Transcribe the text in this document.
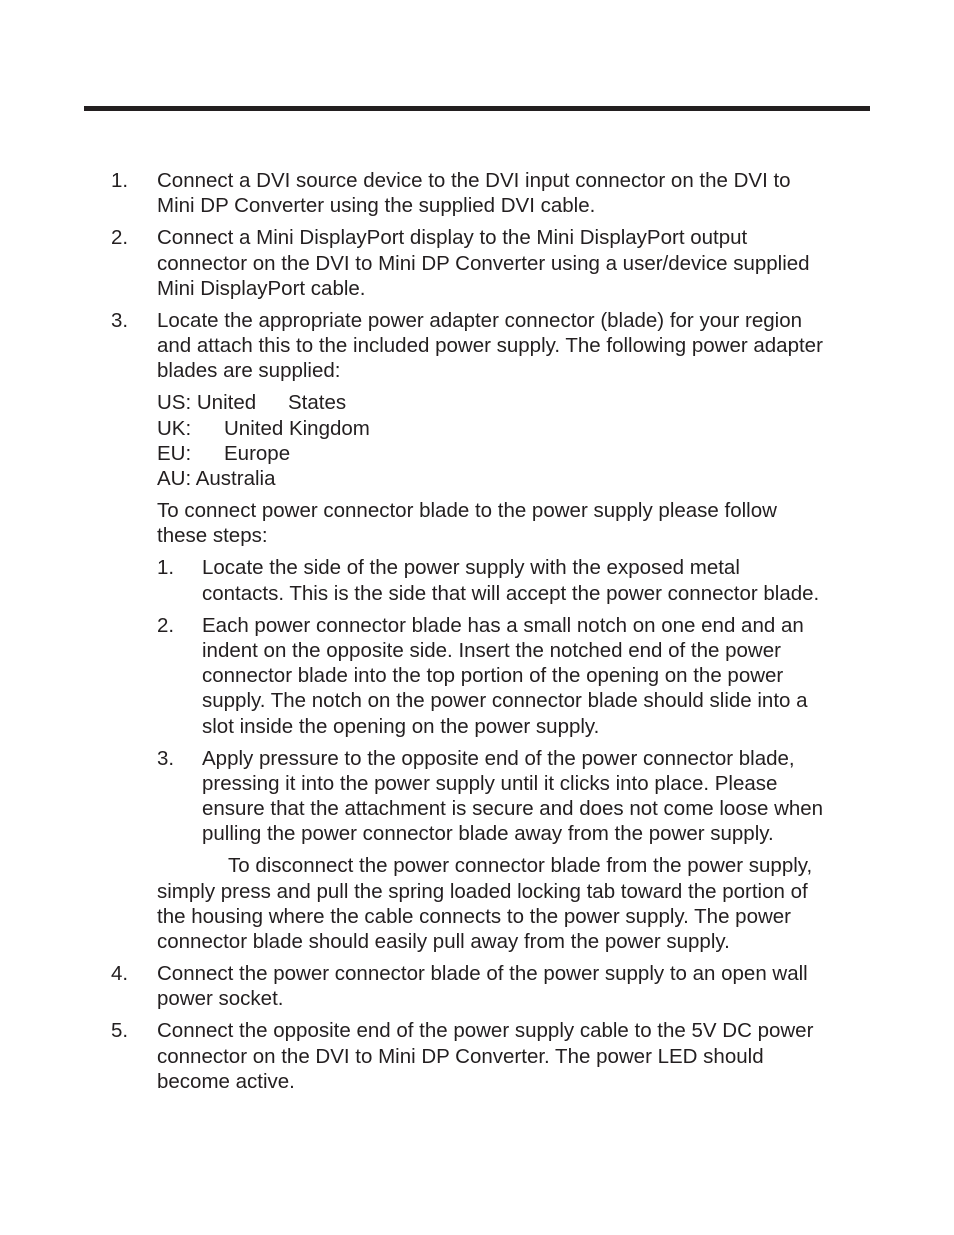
1. Connect a DVI source device to the DVI input connector on the DVI to
Mini DP Converter using the supplied DVI cable.
2. Connect a Mini DisplayPort display to the Mini DisplayPort output
connector on the DVI to Mini DP Converter using a user/device supplied
Mini DisplayPort cable.
3. Locate the appropriate power adapter connector (blade) for your region
and attach this to the included power supply. The following power adapter
blades are supplied:
US: United States
UK: United Kingdom
EU: Europe
AU: Australia
To connect power connector blade to the power supply please follow
these steps:
1. Locate the side of the power supply with the exposed metal
contacts. This is the side that will accept the power connector blade.
2. Each power connector blade has a small notch on one end and an
indent on the opposite side. Insert the notched end of the power
connector blade into the top portion of the opening on the power
supply. The notch on the power connector blade should slide into a
slot inside the opening on the power supply.
3. Apply pressure to the opposite end of the power connector blade,
pressing it into the power supply until it clicks into place. Please
ensure that the attachment is secure and does not come loose when
pulling the power connector blade away from the power supply.
To disconnect the power connector blade from the power supply,
simply press and pull the spring loaded locking tab toward the portion of
the housing where the cable connects to the power supply. The power
connector blade should easily pull away from the power supply.
4. Connect the power connector blade of the power supply to an open wall
power socket.
5. Connect the opposite end of the power supply cable to the 5V DC power
connector on the DVI to Mini DP Converter. The power LED should
become active.
